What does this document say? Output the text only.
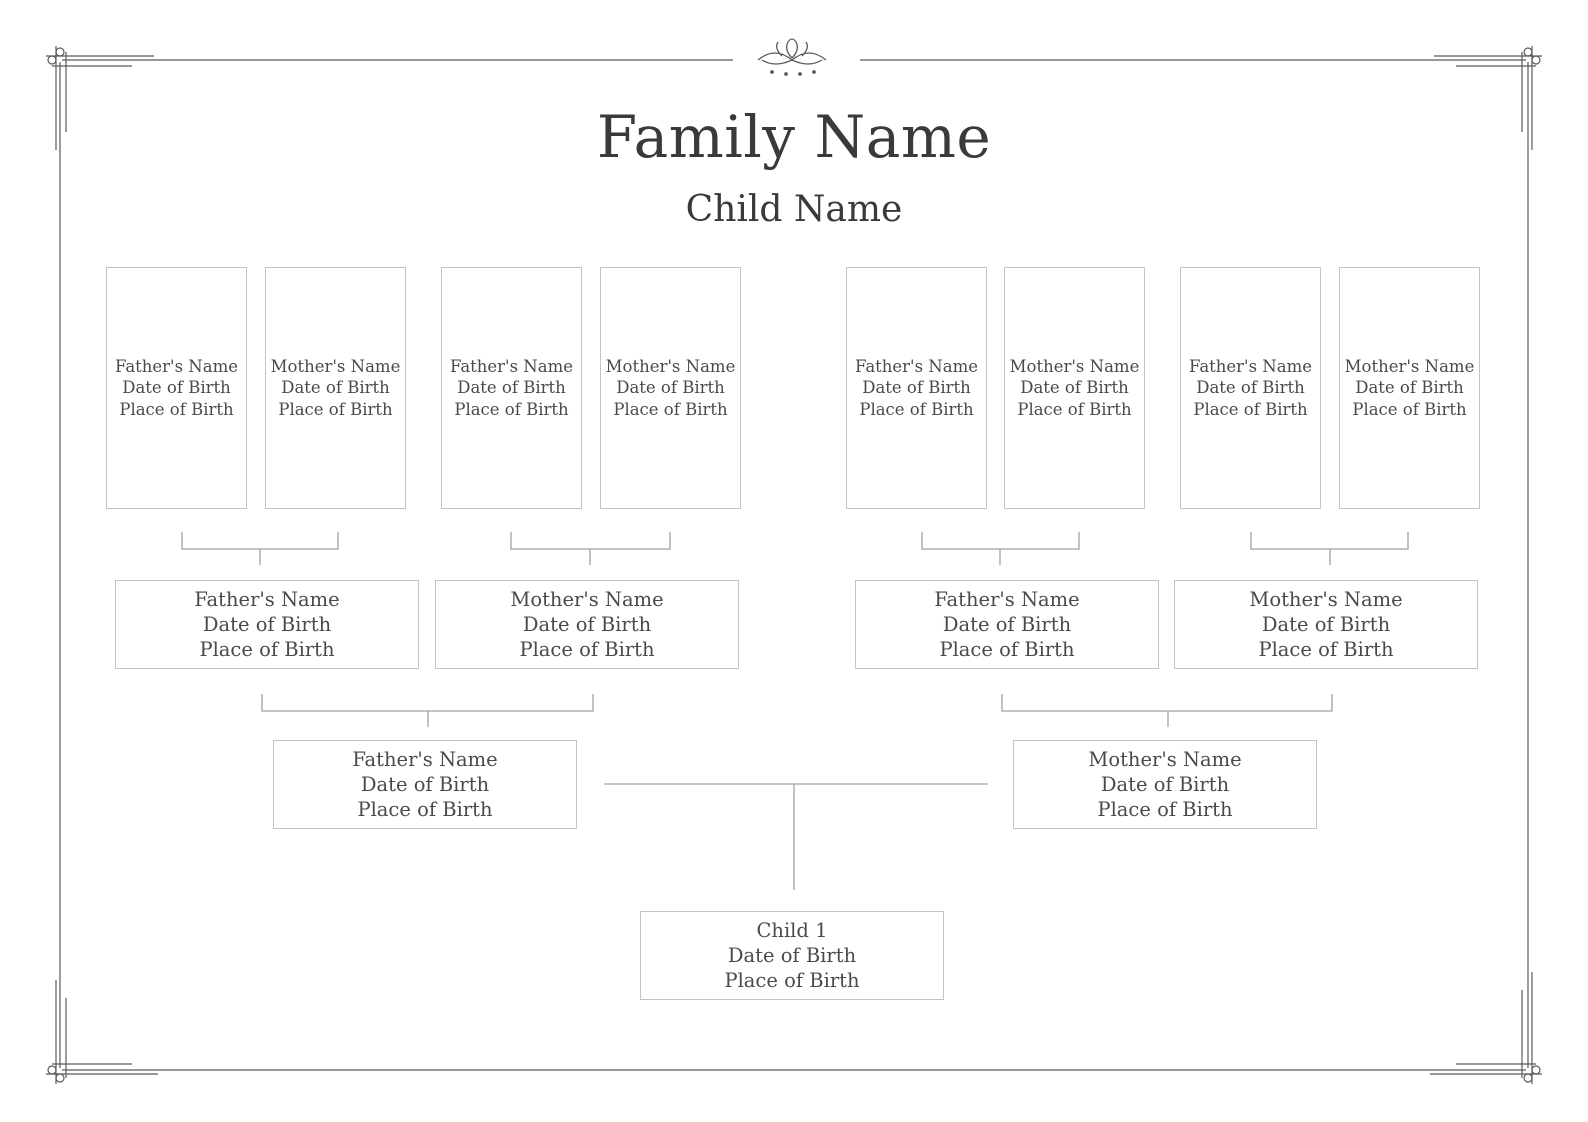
Family Name
Child Name
Father's Name
Date of Birth
Place of Birth
Mother's Name
Date of Birth
Place of Birth
Father's Name
Date of Birth
Place of Birth
Mother's Name
Date of Birth
Place of Birth
Father's Name
Date of Birth
Place of Birth
Mother's Name
Date of Birth
Place of Birth
Father's Name
Date of Birth
Place of Birth
Mother's Name
Date of Birth
Place of Birth
Father's Name
Date of Birth
Place of Birth
Mother's Name
Date of Birth
Place of Birth
Father's Name
Date of Birth
Place of Birth
Mother's Name
Date of Birth
Place of Birth
Father's Name
Date of Birth
Place of Birth
Mother's Name
Date of Birth
Place of Birth
Child 1
Date of Birth
Place of Birth
